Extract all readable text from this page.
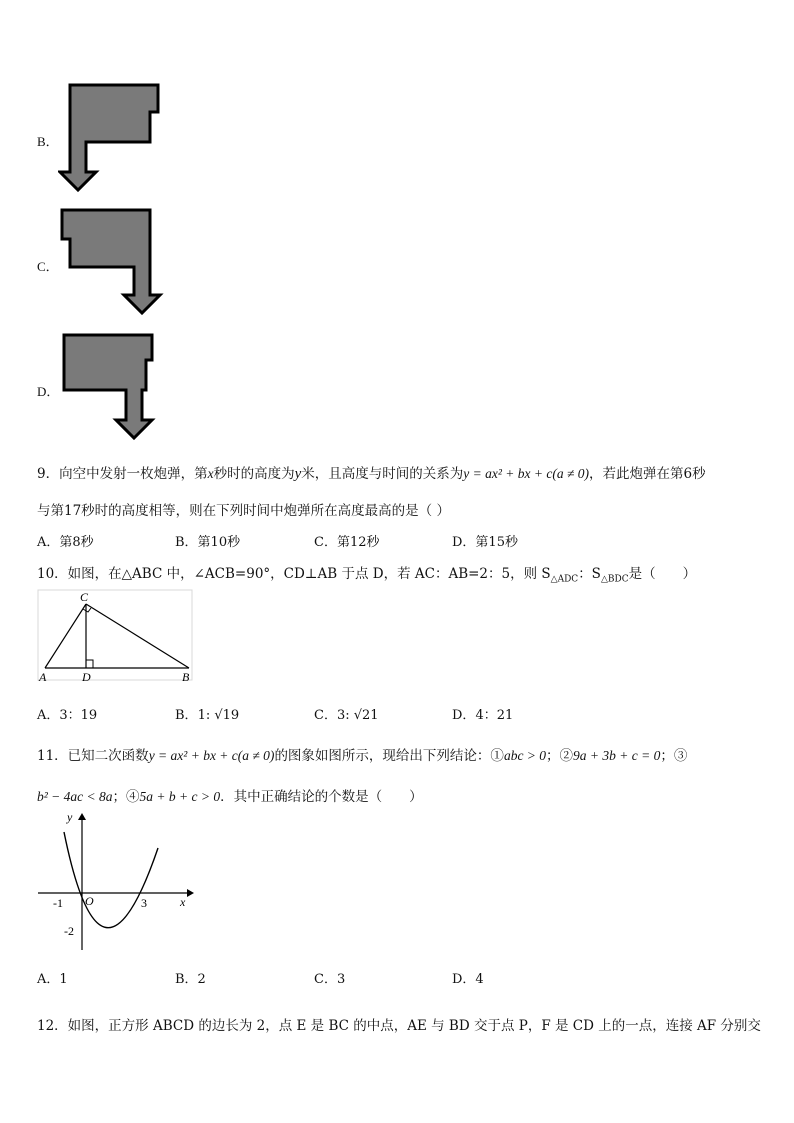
B．
C．
D．
9．向空中发射一枚炮弹，第x秒时的高度为y米，且高度与时间的关系为y = ax² + bx + c(a ≠ 0)，若此炮弹在第6秒
与第17秒时的高度相等，则在下列时间中炮弹所在高度最高的是（ ）
A．第8秒	B．第10秒	C．第12秒	D．第15秒
10．如图，在△ABC 中，∠ACB=90°，CD⊥AB 于点 D，若 AC：AB=2：5，则 $S_{\triangle ADC}$：$S_{\triangle BDC}$是（　　）
C
A	D	B
A．3：19	B．1: √19	C．3: √21	D．4：21
11．已知二次函数y = ax² + bx + c(a ≠ 0)的图象如图所示，现给出下列结论：①abc > 0；②9a + 3b + c = 0；③
b² − 4ac < 8a；④5a + b + c > 0．其中正确结论的个数是（　　）
y
x
O
-1	3
-2
A．1	B．2	C．3	D．4
12．如图，正方形 ABCD 的边长为 2，点 E 是 BC 的中点，AE 与 BD 交于点 P，F 是 CD 上的一点，连接 AF 分别交
